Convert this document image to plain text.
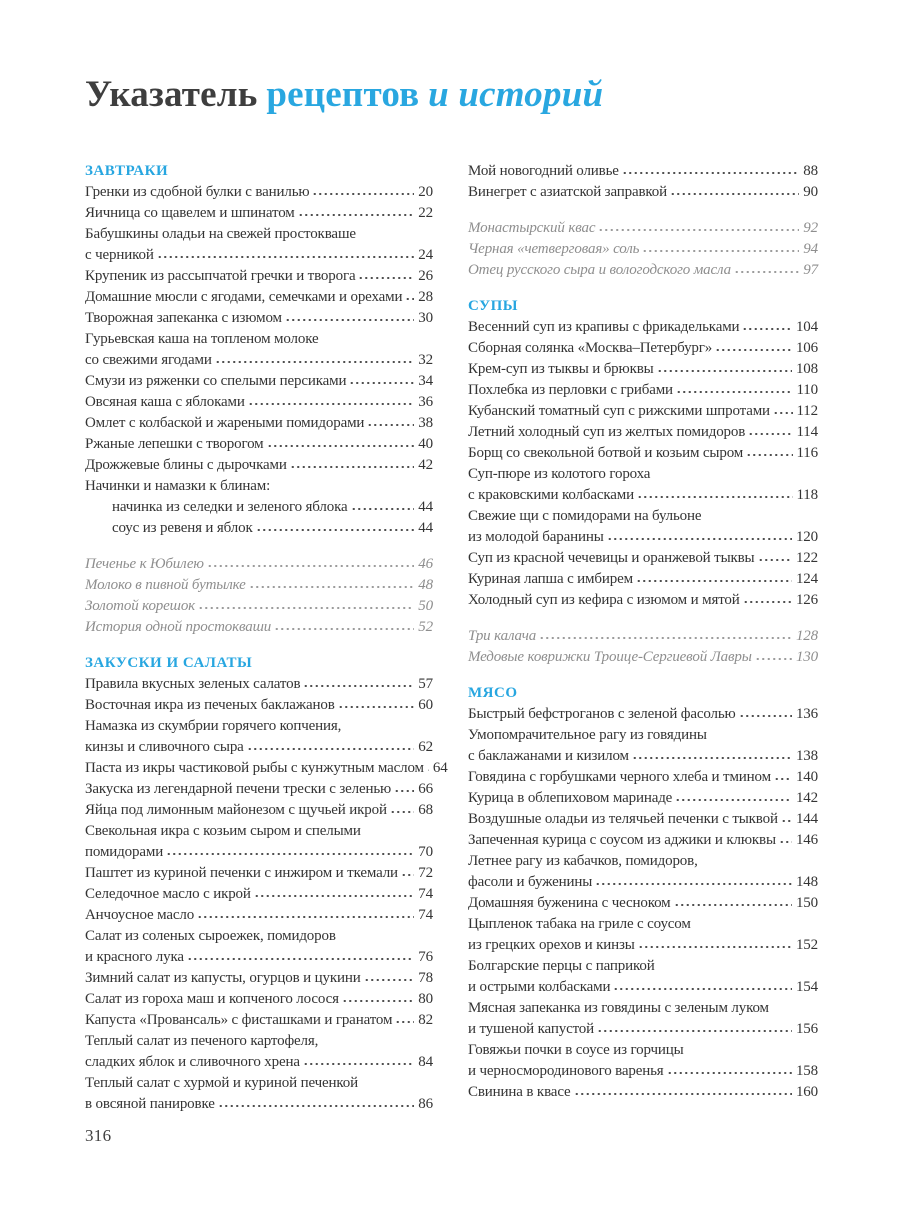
Указатель рецептов и историй
ЗАВТРАКИ
Гренки из сдобной булки с ванилью	20
Яичница со щавелем и шпинатом	22
Бабушкины оладьи на свежей простокваше
с черникой	24
Крупеник из рассыпчатой гречки и творога	26
Домашние мюсли с ягодами, семечками и орехами 28
Творожная запеканка с изюмом	30
Гурьевская каша на топленом молоке
со свежими ягодами	32
Смузи из ряженки со спелыми персиками	34
Овсяная каша с яблоками	36
Омлет с колбаской и жареными помидорами	38
Ржаные лепешки с творогом	40
Дрожжевые блины с дырочками	42
Начинки и намазки к блинам:
начинка из селедки и зеленого яблока	44
соус из ревеня и яблок	44
Печенье к Юбилею	46
Молоко в пивной бутылке	48
Золотой корешок	50
История одной простокваши	52
ЗАКУСКИ И САЛАТЫ
Правила вкусных зеленых салатов	57
Восточная икра из печеных баклажанов	60
Намазка из скумбрии горячего копчения,
кинзы и сливочного сыра	62
Паста из икры частиковой рыбы с кунжутным маслом 64
Закуска из легендарной печени трески с зеленью 66
Яйца под лимонным майонезом с щучьей икрой 68
Свекольная икра с козьим сыром и спелыми
помидорами	70
Паштет из куриной печенки с инжиром и ткемали 72
Селедочное масло с икрой	74
Анчоусное масло	74
Салат из соленых сыроежек, помидоров
и красного лука	76
Зимний салат из капусты, огурцов и цукини	78
Салат из гороха маш и копченого лосося	80
Капуста «Провансаль» с фисташками и гранатом 82
Теплый салат из печеного картофеля,
сладких яблок и сливочного хрена	84
Теплый салат с хурмой и куриной печенкой
в овсяной панировке	86
Мой новогодний оливье	88
Винегрет с азиатской заправкой	90
Монастырский квас	92
Черная «четверговая» соль	94
Отец русского сыра и вологодского масла	97
СУПЫ
Весенний суп из крапивы с фрикадельками	104
Сборная солянка «Москва–Петербург»	106
Крем-суп из тыквы и брюквы	108
Похлебка из перловки с грибами	110
Кубанский томатный суп с рижскими шпротами 112
Летний холодный суп из желтых помидоров	114
Борщ со свекольной ботвой и козьим сыром	116
Суп-пюре из колотого гороха
с краковскими колбасками	118
Свежие щи с помидорами на бульоне
из молодой баранины	120
Суп из красной чечевицы и оранжевой тыквы	122
Куриная лапша с имбирем	124
Холодный суп из кефира с изюмом и мятой	126
Три калача	128
Медовые коврижки Троице-Сергиевой Лавры	130
МЯСО
Быстрый бефстроганов с зеленой фасолью	136
Умопомрачительное рагу из говядины
с баклажанами и кизилом	138
Говядина с горбушками черного хлеба и тмином 140
Курица в облепиховом маринаде	142
Воздушные оладьи из телячьей печенки с тыквой 144
Запеченная курица с соусом из аджики и клюквы 146
Летнее рагу из кабачков, помидоров,
фасоли и буженины	148
Домашняя буженина с чесноком	150
Цыпленок табака на гриле с соусом
из грецких орехов и кинзы	152
Болгарские перцы с паприкой
и острыми колбасками	154
Мясная запеканка из говядины с зеленым луком
и тушеной капустой	156
Говяжьи почки в соусе из горчицы
и черносмородинового варенья	158
Свинина в квасе	160
316
